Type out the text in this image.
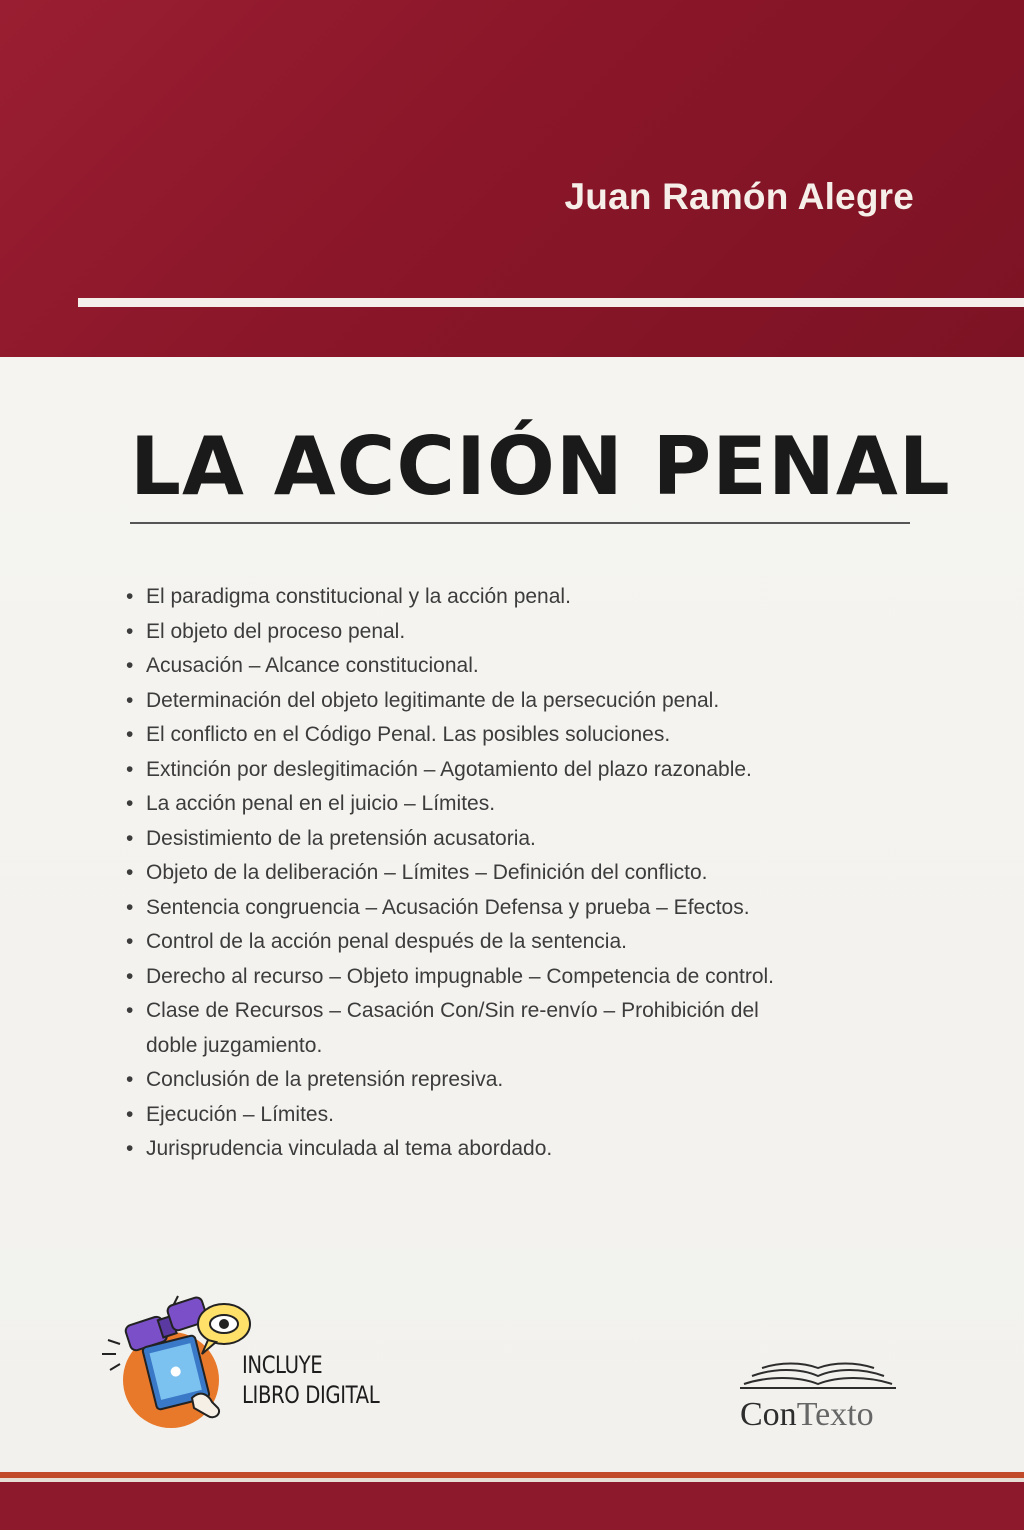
Juan Ramón Alegre
LA ACCIÓN PENAL
• El paradigma constitucional y la acción penal.
• El objeto del proceso penal.
• Acusación – Alcance constitucional.
• Determinación del objeto legitimante de la persecución penal.
• El conflicto en el Código Penal. Las posibles soluciones.
• Extinción por deslegitimación – Agotamiento del plazo razonable.
• La acción penal en el juicio – Límites.
• Desistimiento de la pretensión acusatoria.
• Objeto de la deliberación – Límites – Definición del conflicto.
• Sentencia congruencia – Acusación Defensa y prueba – Efectos.
• Control de la acción penal después de la sentencia.
• Derecho al recurso – Objeto impugnable – Competencia de control.
• Clase de Recursos – Casación Con/Sin re-envío – Prohibición del doble juzgamiento.
• Conclusión de la pretensión represiva.
• Ejecución – Límites.
• Jurisprudencia vinculada al tema abordado.
INCLUYE
LIBRO DIGITAL
ConTexto
